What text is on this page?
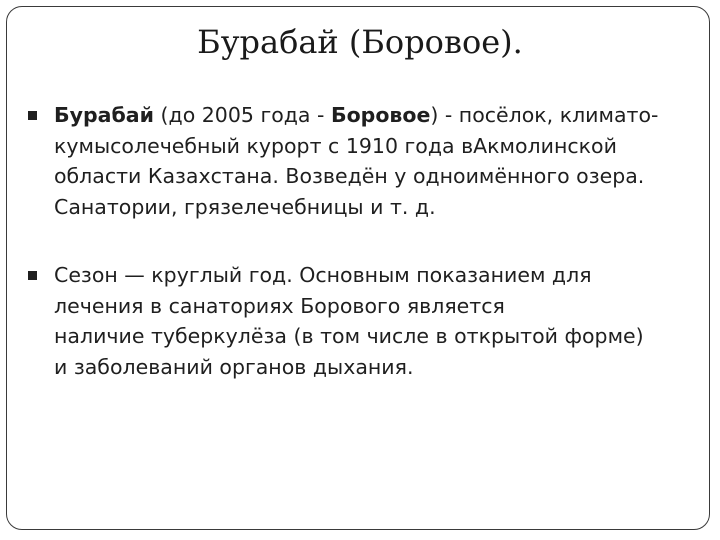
Бурабай (Боровое).
Бурабай (до 2005 года - Боровое) - посёлок, климато-
кумысолечебный курорт с 1910 года вАкмолинской
области Казахстана. Возведён у одноимённого озера.
Санатории, грязелечебницы и т. д.
Сезон — круглый год. Основным показанием для
лечения в санаториях Борового является
наличие туберкулёза (в том числе в открытой форме)
и заболеваний органов дыхания.
